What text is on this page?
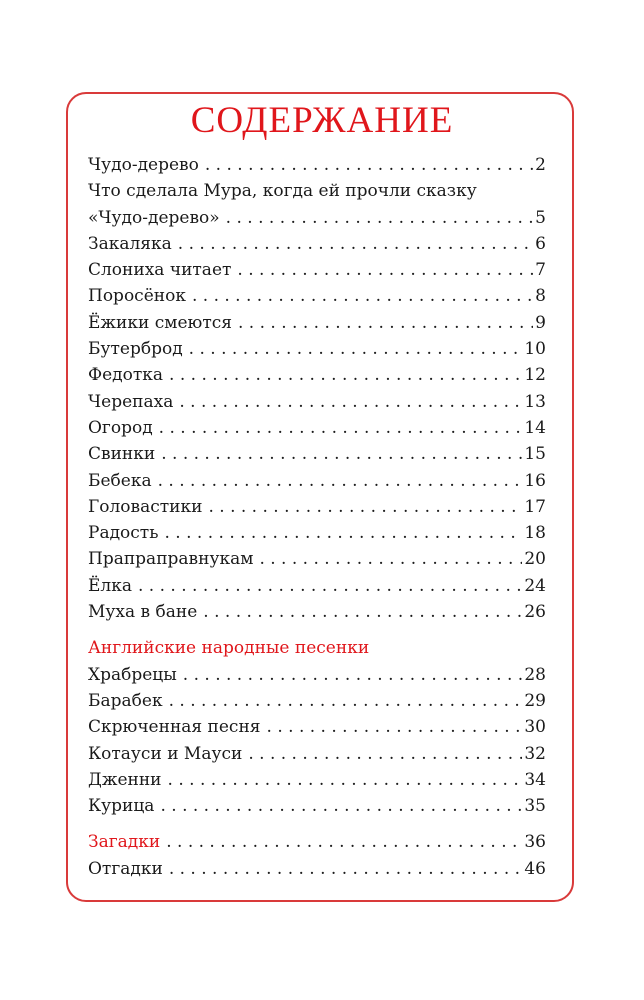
СОДЕРЖАНИЕ
Чудо-дерево . . .	2
Что сделала Мура, когда ей прочли сказку
«Чудо-дерево» . . .	5
Закаляка . . .	6
Слониха читает . . .	7
Поросёнок . . .	8
Ёжики смеются . . .	9
Бутерброд . . .	10
Федотка . . .	12
Черепаха . . .	13
Огород . . .	14
Свинки . . .	15
Бебека . . .	16
Головастики . . .	17
Радость . . .	18
Прапраправнукам . . .	20
Ёлка . . .	24
Муха в бане . . .	26
Английские народные песенки
Храбрецы . . .	28
Барабек . . .	29
Скрюченная песня . . .	30
Котауси и Мауси . . .	32
Дженни . . .	34
Курица . . .	35
Загадки . . .	36
Отгадки . . .	46
